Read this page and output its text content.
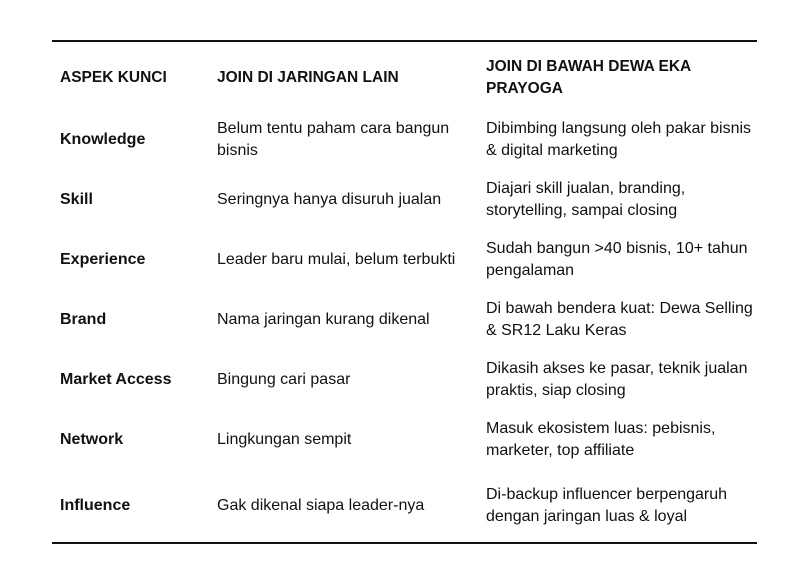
ASPEK KUNCI	JOIN DI JARINGAN LAIN	JOIN DI BAWAH DEWA EKA PRAYOGA
Knowledge	Belum tentu paham cara bangun bisnis	Dibimbing langsung oleh pakar bisnis & digital marketing
Skill	Seringnya hanya disuruh jualan	Diajari skill jualan, branding, storytelling, sampai closing
Experience	Leader baru mulai, belum terbukti	Sudah bangun >40 bisnis, 10+ tahun pengalaman
Brand	Nama jaringan kurang dikenal	Di bawah bendera kuat: Dewa Selling & SR12 Laku Keras
Market Access	Bingung cari pasar	Dikasih akses ke pasar, teknik jualan praktis, siap closing
Network	Lingkungan sempit	Masuk ekosistem luas: pebisnis, marketer, top affiliate
Influence	Gak dikenal siapa leader-nya	Di-backup influencer berpengaruh dengan jaringan luas & loyal
